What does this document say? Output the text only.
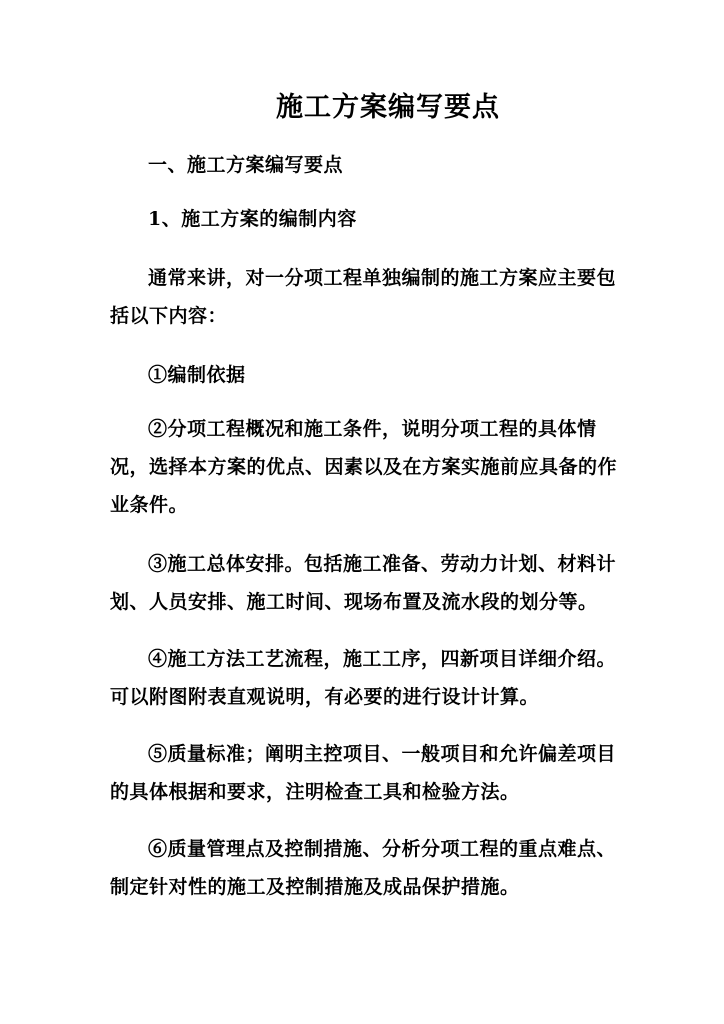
施工方案编写要点

一、施工方案编写要点

1、施工方案的编制内容

通常来讲，对一分项工程单独编制的施工方案应主要包括以下内容：

①编制依据

②分项工程概况和施工条件，说明分项工程的具体情况，选择本方案的优点、因素以及在方案实施前应具备的作业条件。

③施工总体安排。包括施工准备、劳动力计划、材料计划、人员安排、施工时间、现场布置及流水段的划分等。

④施工方法工艺流程，施工工序，四新项目详细介绍。可以附图附表直观说明，有必要的进行设计计算。

⑤质量标准；阐明主控项目、一般项目和允许偏差项目的具体根据和要求，注明检查工具和检验方法。

⑥质量管理点及控制措施、分析分项工程的重点难点、制定针对性的施工及控制措施及成品保护措施。
